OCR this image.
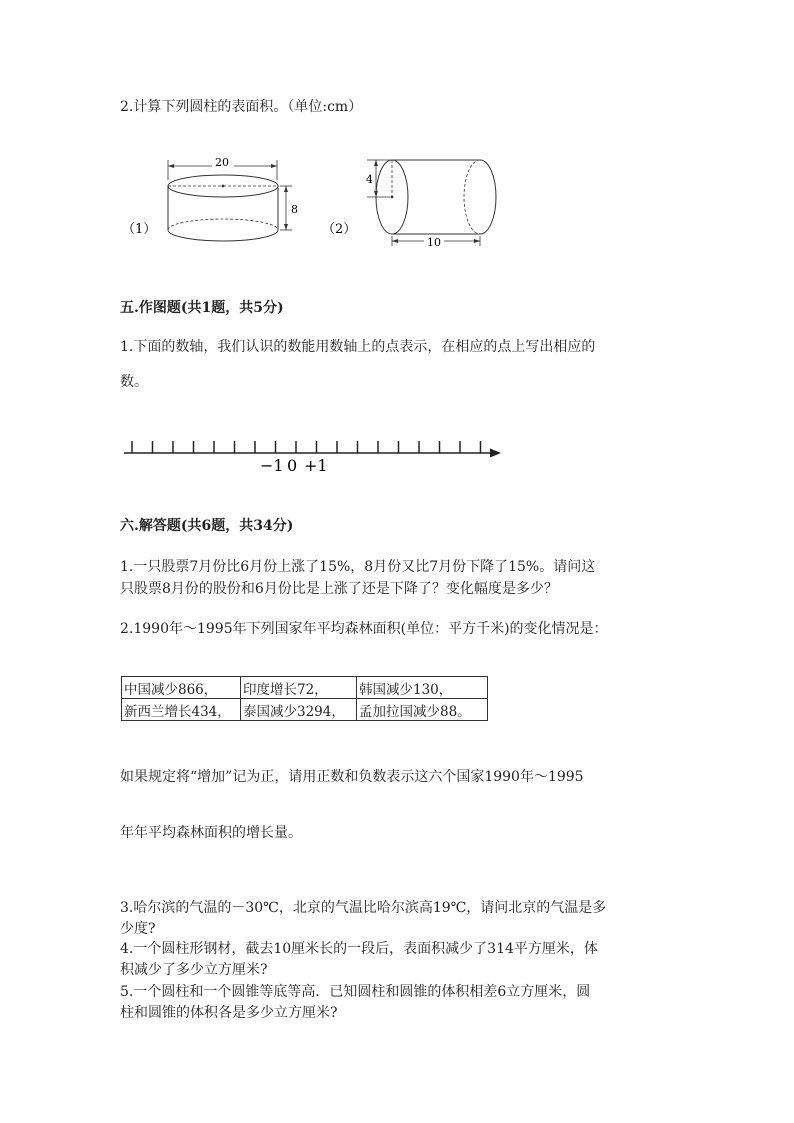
2.计算下列圆柱的表面积。（单位:cm）
（1）
20
8
（2）
4
10
五.作图题(共1题，共5分)
1.下面的数轴，我们认识的数能用数轴上的点表示，在相应的点上写出相应的
数。
−1 0 +1
六.解答题(共6题，共34分)
1.一只股票7月份比6月份上涨了15%，8月份又比7月份下降了15%。请问这
只股票8月份的股份和6月份比是上涨了还是下降了？变化幅度是多少？
2.1990年～1995年下列国家年平均森林面积(单位：平方千米)的变化情况是：
中国减少866，	印度增长72，	韩国减少130，
新西兰增长434，	泰国减少3294，	孟加拉国减少88。
如果规定将“增加”记为正，请用正数和负数表示这六个国家1990年～1995
年年平均森林面积的增长量。
3.哈尔滨的气温的－30℃，北京的气温比哈尔滨高19℃，请问北京的气温是多
少度?
4.一个圆柱形钢材，截去10厘米长的一段后，表面积减少了314平方厘米，体
积减少了多少立方厘米?
5.一个圆柱和一个圆锥等底等高．已知圆柱和圆锥的体积相差6立方厘米，圆
柱和圆锥的体积各是多少立方厘米?
